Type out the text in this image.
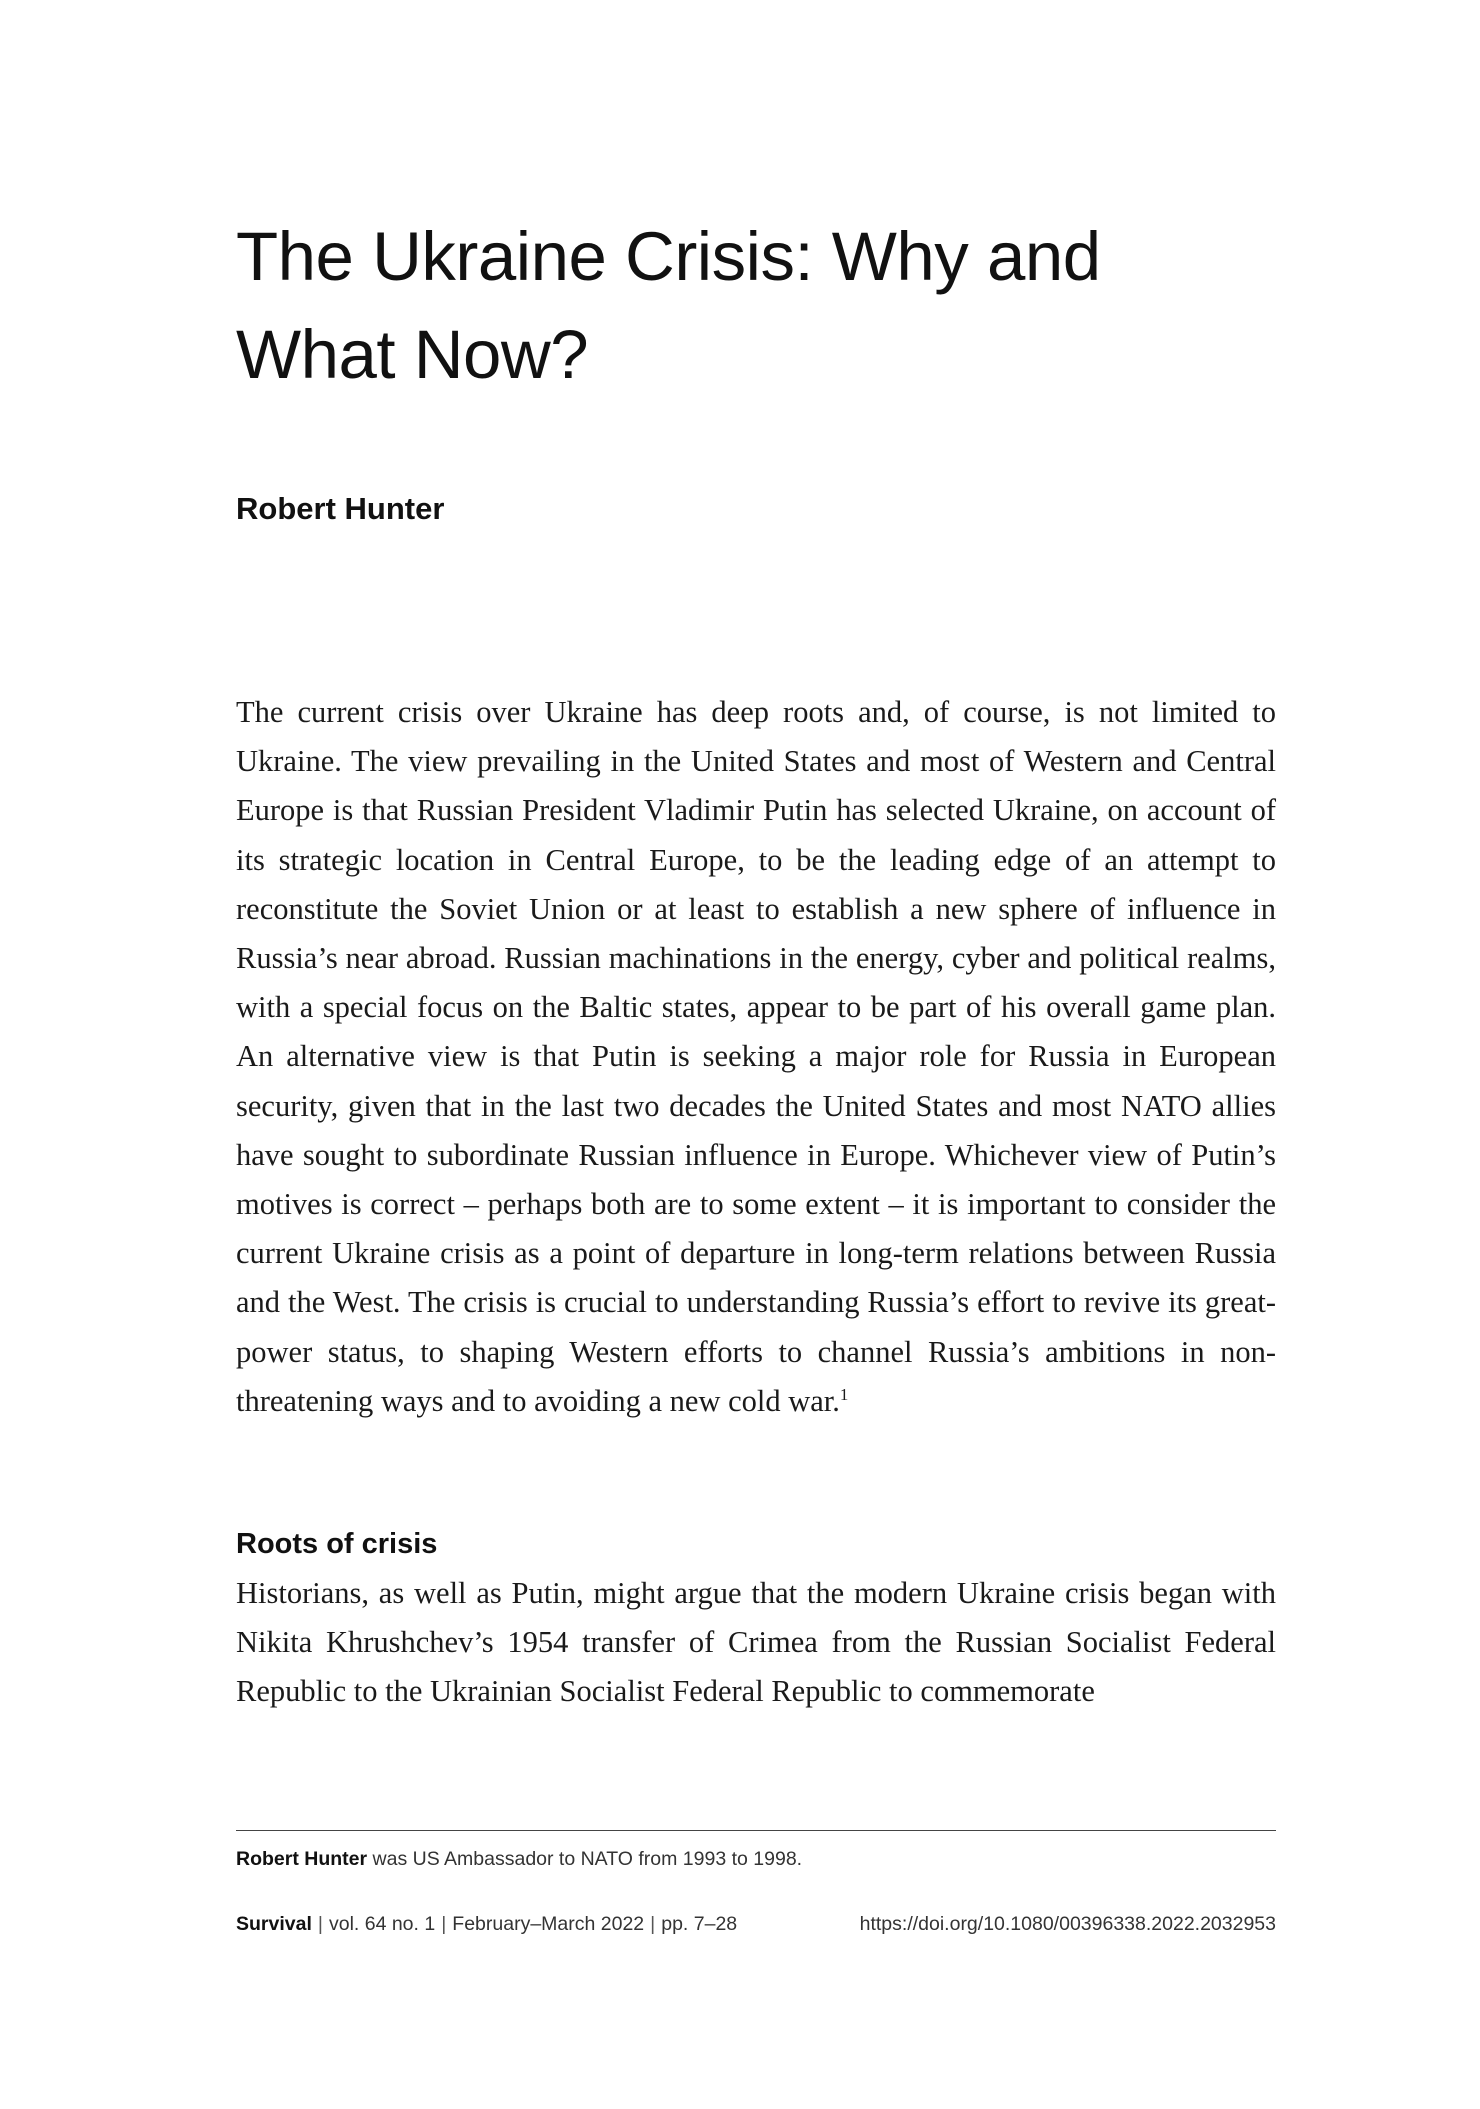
The Ukraine Crisis: Why and
What Now?

Robert Hunter

The current crisis over Ukraine has deep roots and, of course, is not limited to Ukraine. The view prevailing in the United States and most of Western and Central Europe is that Russian President Vladimir Putin has selected Ukraine, on account of its strategic location in Central Europe, to be the leading edge of an attempt to reconstitute the Soviet Union or at least to establish a new sphere of influence in Russia’s near abroad. Russian machinations in the energy, cyber and political realms, with a special focus on the Baltic states, appear to be part of his overall game plan. An alternative view is that Putin is seeking a major role for Russia in European security, given that in the last two decades the United States and most NATO allies have sought to subordinate Russian influence in Europe. Whichever view of Putin’s motives is correct – perhaps both are to some extent – it is important to consider the current Ukraine crisis as a point of departure in long-term relations between Russia and the West. The crisis is crucial to understanding Russia’s effort to revive its great-power status, to shaping Western efforts to channel Russia’s ambitions in non-threatening ways and to avoiding a new cold war.$^1$

Roots of crisis

Historians, as well as Putin, might argue that the modern Ukraine crisis began with Nikita Khrushchev’s 1954 transfer of Crimea from the Russian Socialist Federal Republic to the Ukrainian Socialist Federal Republic to commemorate

Robert Hunter was US Ambassador to NATO from 1993 to 1998.

Survival | vol. 64 no. 1 | February–March 2022 | pp. 7–28	https://doi.org/10.1080/00396338.2022.2032953
